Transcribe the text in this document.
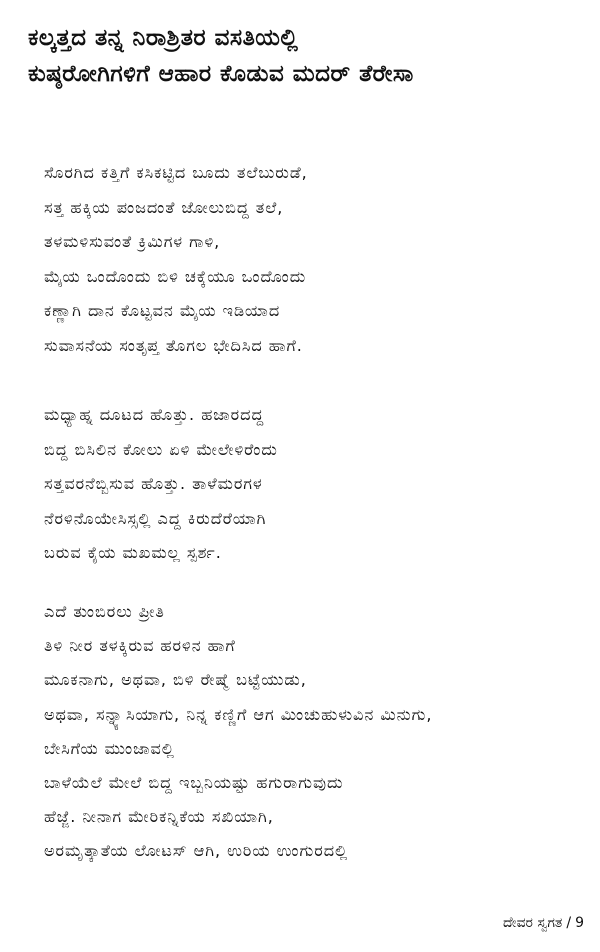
ಕಲ್ಕತ್ತದ ತನ್ನ ನಿರಾಶ್ರಿತರ ವಸತಿಯಲ್ಲಿ
ಕುಷ್ಠರೋಗಿಗಳಿಗೆ ಆಹಾರ ಕೊಡುವ ಮದರ್ ತೆರೇಸಾ
ಸೊರಗಿದ ಕತ್ತಿಗೆ ಕಸಿಕಟ್ಟಿದ ಬೂದು ತಲೆಬುರುಡೆ,
ಸತ್ತ ಹಕ್ಕಿಯ ಪಂಜದಂತೆ ಜೋಲುಬಿದ್ದ ತಲೆ,
ತಳಮಳಿಸುವಂತೆ ಕ್ರಿಮಿಗಳ ಗಾಳಿ,
ಮೈಯ ಒಂದೊಂದು ಬಿಳಿ ಚಕ್ಕೆಯೂ ಒಂದೊಂದು
ಕಣ್ಣಾಗಿ ದಾನ ಕೊಟ್ಟವನ ಮೈಯ ಇಡಿಯಾದ
ಸುವಾಸನೆಯ ಸಂತೃಪ್ತ ತೊಗಲ ಭೇದಿಸಿದ ಹಾಗೆ.
ಮಧ್ಯಾಹ್ನ ದೂಟದ ಹೊತ್ತು. ಹಜಾರದದ್ದ
ಬಿದ್ದ ಬಿಸಿಲಿನ ಕೋಲು ಏಳಿ ಮೇಲೇಳಿರೆಂದು
ಸತ್ತವರನೆಬ್ಬಿಸುವ ಹೊತ್ತು. ತಾಳೆಮರಗಳ
ನೆರಳಿನೊಯೇಸಿಸ್ಸಲ್ಲಿ ಎದ್ದ ಕಿರುದೆರೆಯಾಗಿ
ಬರುವ ಕೈಯ ಮಖಮಲ್ಲ ಸ್ಪರ್ಶ.
ಎದೆ ತುಂಬಿರಲು ಪ್ರೀತಿ
ತಿಳಿ ನೀರ ತಳಕ್ಕಿರುವ ಹರಳಿನ ಹಾಗೆ
ಮೂಕನಾಗು, ಅಥವಾ, ಬಿಳಿ ರೇಷ್ಮೆ ಬಟ್ಟೆಯುಡು,
ಅಥವಾ, ಸನ್ನ್ಯಾಸಿಯಾಗು, ನಿನ್ನ ಕಣ್ಣಿಗೆ ಆಗ ಮಿಂಚುಹುಳುವಿನ ಮಿನುಗು,
ಬೇಸಿಗೆಯ ಮುಂಜಾವಲ್ಲಿ
ಬಾಳೆಯೆಲೆ ಮೇಲೆ ಬಿದ್ದ ಇಬ್ಬನಿಯಷ್ಟು ಹಗುರಾಗುವುದು
ಹೆಜ್ಜೆ. ನೀನಾಗ ಮೇರಿಕನ್ನಿಕೆಯ ಸಖಿಯಾಗಿ,
ಅರಮೃತ್ಕಾತೆಯ ಲೋಟಸ್ ಆಗಿ, ಉರಿಯ ಉಂಗುರದಲ್ಲಿ
ದೇವರ ಸ್ವಗತ / 9
